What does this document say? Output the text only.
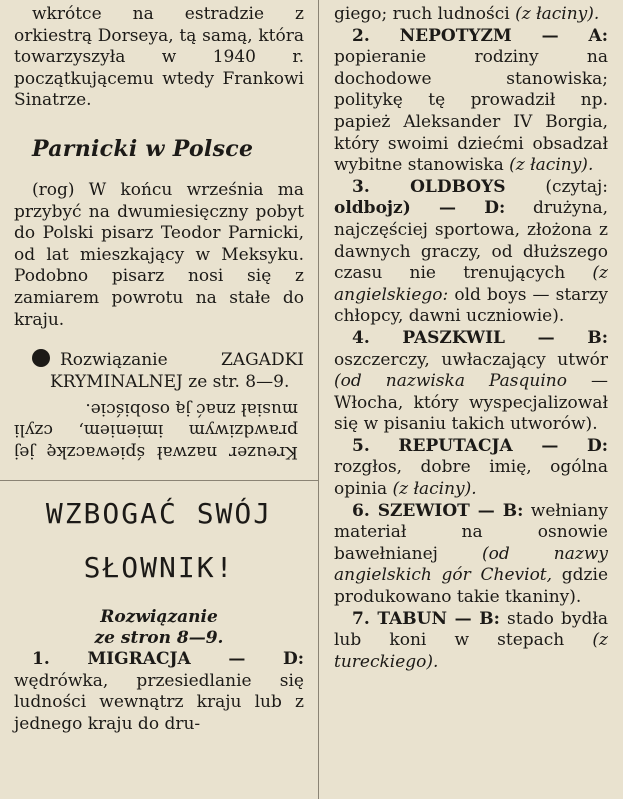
wkrótce na estradzie z orkiestrą Dorseya, tą samą, która towarzyszyła w 1940 r. początkującemu wtedy Frankowi Sinatrze.

Parnicki w Polsce

(rog) W końcu września ma przybyć na dwumiesięczny pobyt do Polski pisarz Teodor Parnicki, od lat mieszkający w Meksyku. Podobno pisarz nosi się z zamiarem powrotu na stałe do kraju.

Rozwiązanie ZAGADKI KRYMINALNEJ ze str. 8—9.

Kreuzer nazwał śpiewaczkę jej prawdziwym imieniem, czyli musiał znać ją osobiście.

WZBOGAĆ SWÓJ
SŁOWNIK!
Rozwiązanie
ze stron 8—9.

1. MIGRACJA — D: wędrówka, przesiedlanie się ludności wewnątrz kraju lub z jednego kraju do dru-

giego; ruch ludności (z łaciny).

2. NEPOTYZM — A: popieranie rodziny na dochodowe stanowiska; politykę tę prowadził np. papież Aleksander IV Borgia, który swoimi dziećmi obsadzał wybitne stanowiska (z łaciny).

3. OLDBOYS (czytaj: oldbojz) — D: drużyna, najczęściej sportowa, złożona z dawnych graczy, od dłuższego czasu nie trenujących (z angielskiego: old boys — starzy chłopcy, dawni uczniowie).

4. PASZKWIL — B: oszczerczy, uwłaczający utwór (od nazwiska Pasquino — Włocha, który wyspecjalizował się w pisaniu takich utworów).

5. REPUTACJA — D: rozgłos, dobre imię, ogólna opinia (z łaciny).

6. SZEWIOT — B: wełniany materiał na osnowie bawełnianej (od nazwy angielskich gór Cheviot, gdzie produkowano takie tkaniny).

7. TABUN — B: stado bydła lub koni w stepach (z tureckiego).
